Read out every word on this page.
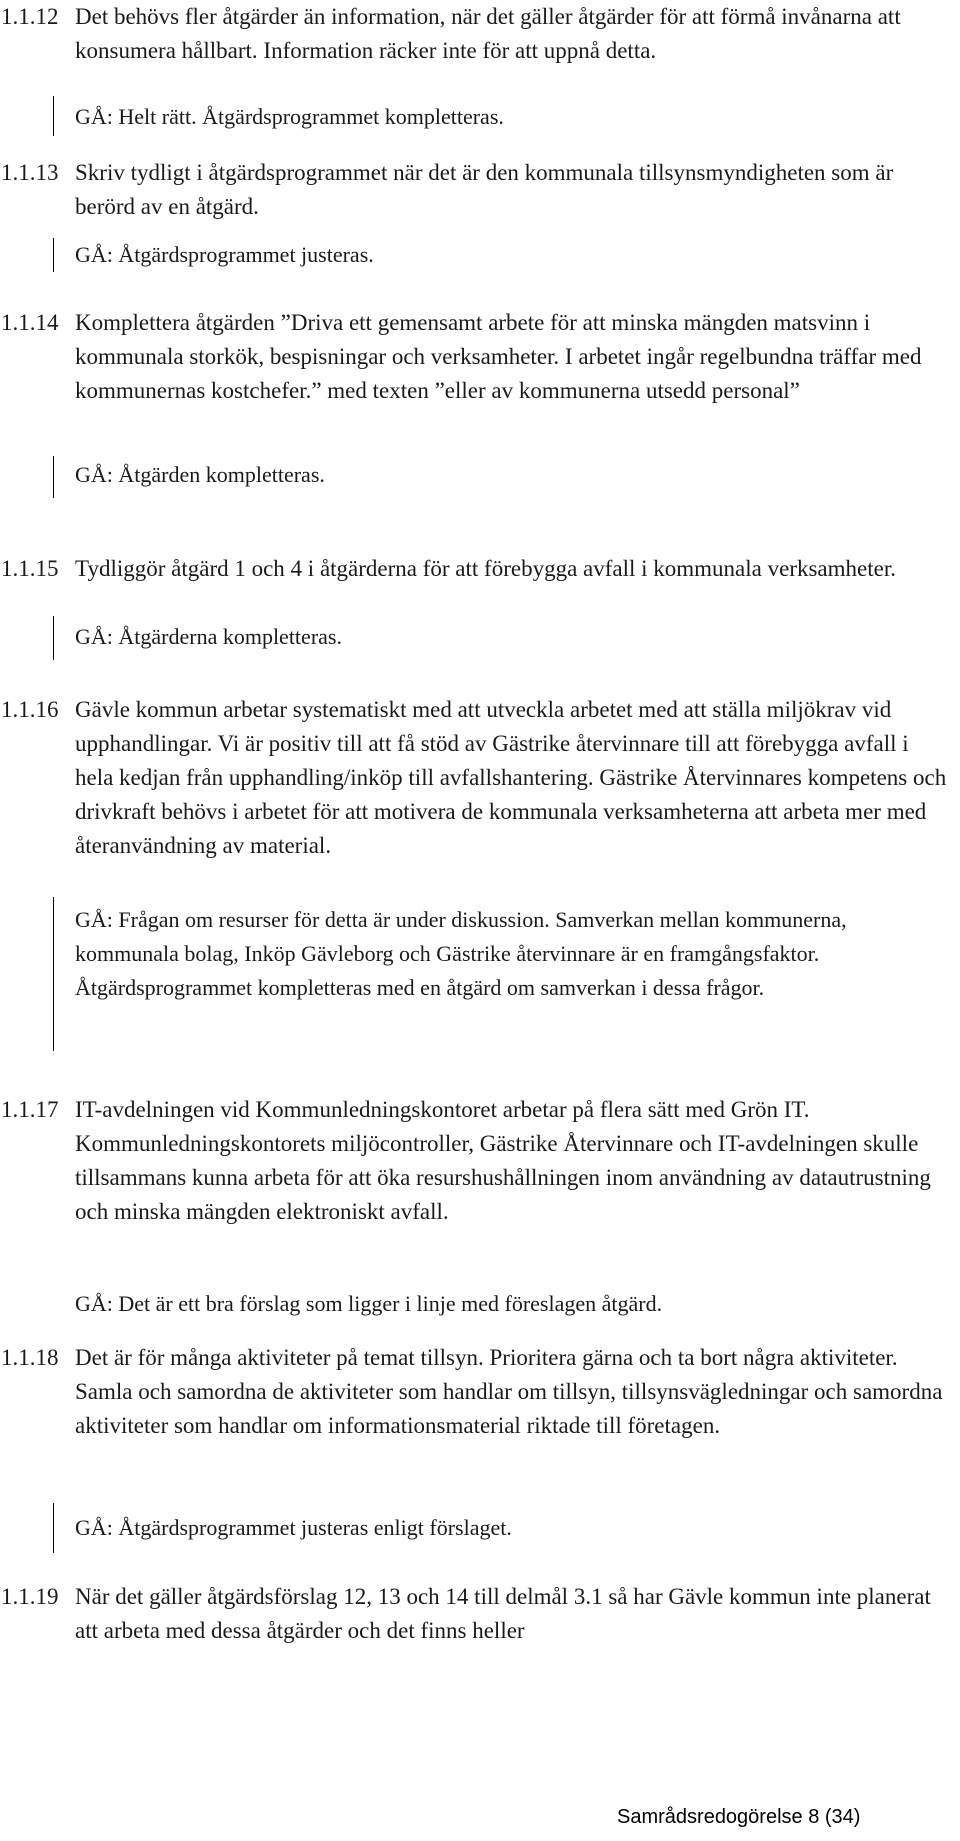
1.1.12 Det behövs fler åtgärder än information, när det gäller åtgärder för att förmå invånarna att konsumera hållbart. Information räcker inte för att uppnå detta.

GÅ: Helt rätt. Åtgärdsprogrammet kompletteras.

1.1.13 Skriv tydligt i åtgärdsprogrammet när det är den kommunala tillsynsmyndigheten som är berörd av en åtgärd.

GÅ: Åtgärdsprogrammet justeras.

1.1.14 Komplettera åtgärden ”Driva ett gemensamt arbete för att minska mängden matsvinn i kommunala storkök, bespisningar och verksamheter. I arbetet ingår regelbundna träffar med kommunernas kostchefer.” med texten ”eller av kommunerna utsedd personal”

GÅ: Åtgärden kompletteras.

1.1.15 Tydliggör åtgärd 1 och 4 i åtgärderna för att förebygga avfall i kommunala verksamheter.

GÅ: Åtgärderna kompletteras.

1.1.16 Gävle kommun arbetar systematiskt med att utveckla arbetet med att ställa miljökrav vid upphandlingar. Vi är positiv till att få stöd av Gästrike återvinnare till att förebygga avfall i hela kedjan från upphandling/inköp till avfallshantering. Gästrike Återvinnares kompetens och drivkraft behövs i arbetet för att motivera de kommunala verksamheterna att arbeta mer med återanvändning av material.

GÅ: Frågan om resurser för detta är under diskussion. Samverkan mellan kommunerna, kommunala bolag, Inköp Gävleborg och Gästrike återvinnare är en framgångsfaktor. Åtgärdsprogrammet kompletteras med en åtgärd om samverkan i dessa frågor.

1.1.17 IT-avdelningen vid Kommunledningskontoret arbetar på flera sätt med Grön IT. Kommunledningskontorets miljöcontroller, Gästrike Återvinnare och IT-avdelningen skulle tillsammans kunna arbeta för att öka resurshushållningen inom användning av datautrustning och minska mängden elektroniskt avfall.

GÅ: Det är ett bra förslag som ligger i linje med föreslagen åtgärd.

1.1.18 Det är för många aktiviteter på temat tillsyn. Prioritera gärna och ta bort några aktiviteter. Samla och samordna de aktiviteter som handlar om tillsyn, tillsynsvägledningar och samordna aktiviteter som handlar om informationsmaterial riktade till företagen.

GÅ: Åtgärdsprogrammet justeras enligt förslaget.

1.1.19 När det gäller åtgärdsförslag 12, 13 och 14 till delmål 3.1 så har Gävle kommun inte planerat att arbeta med dessa åtgärder och det finns heller

Samrådsredogörelse 8 (34)
